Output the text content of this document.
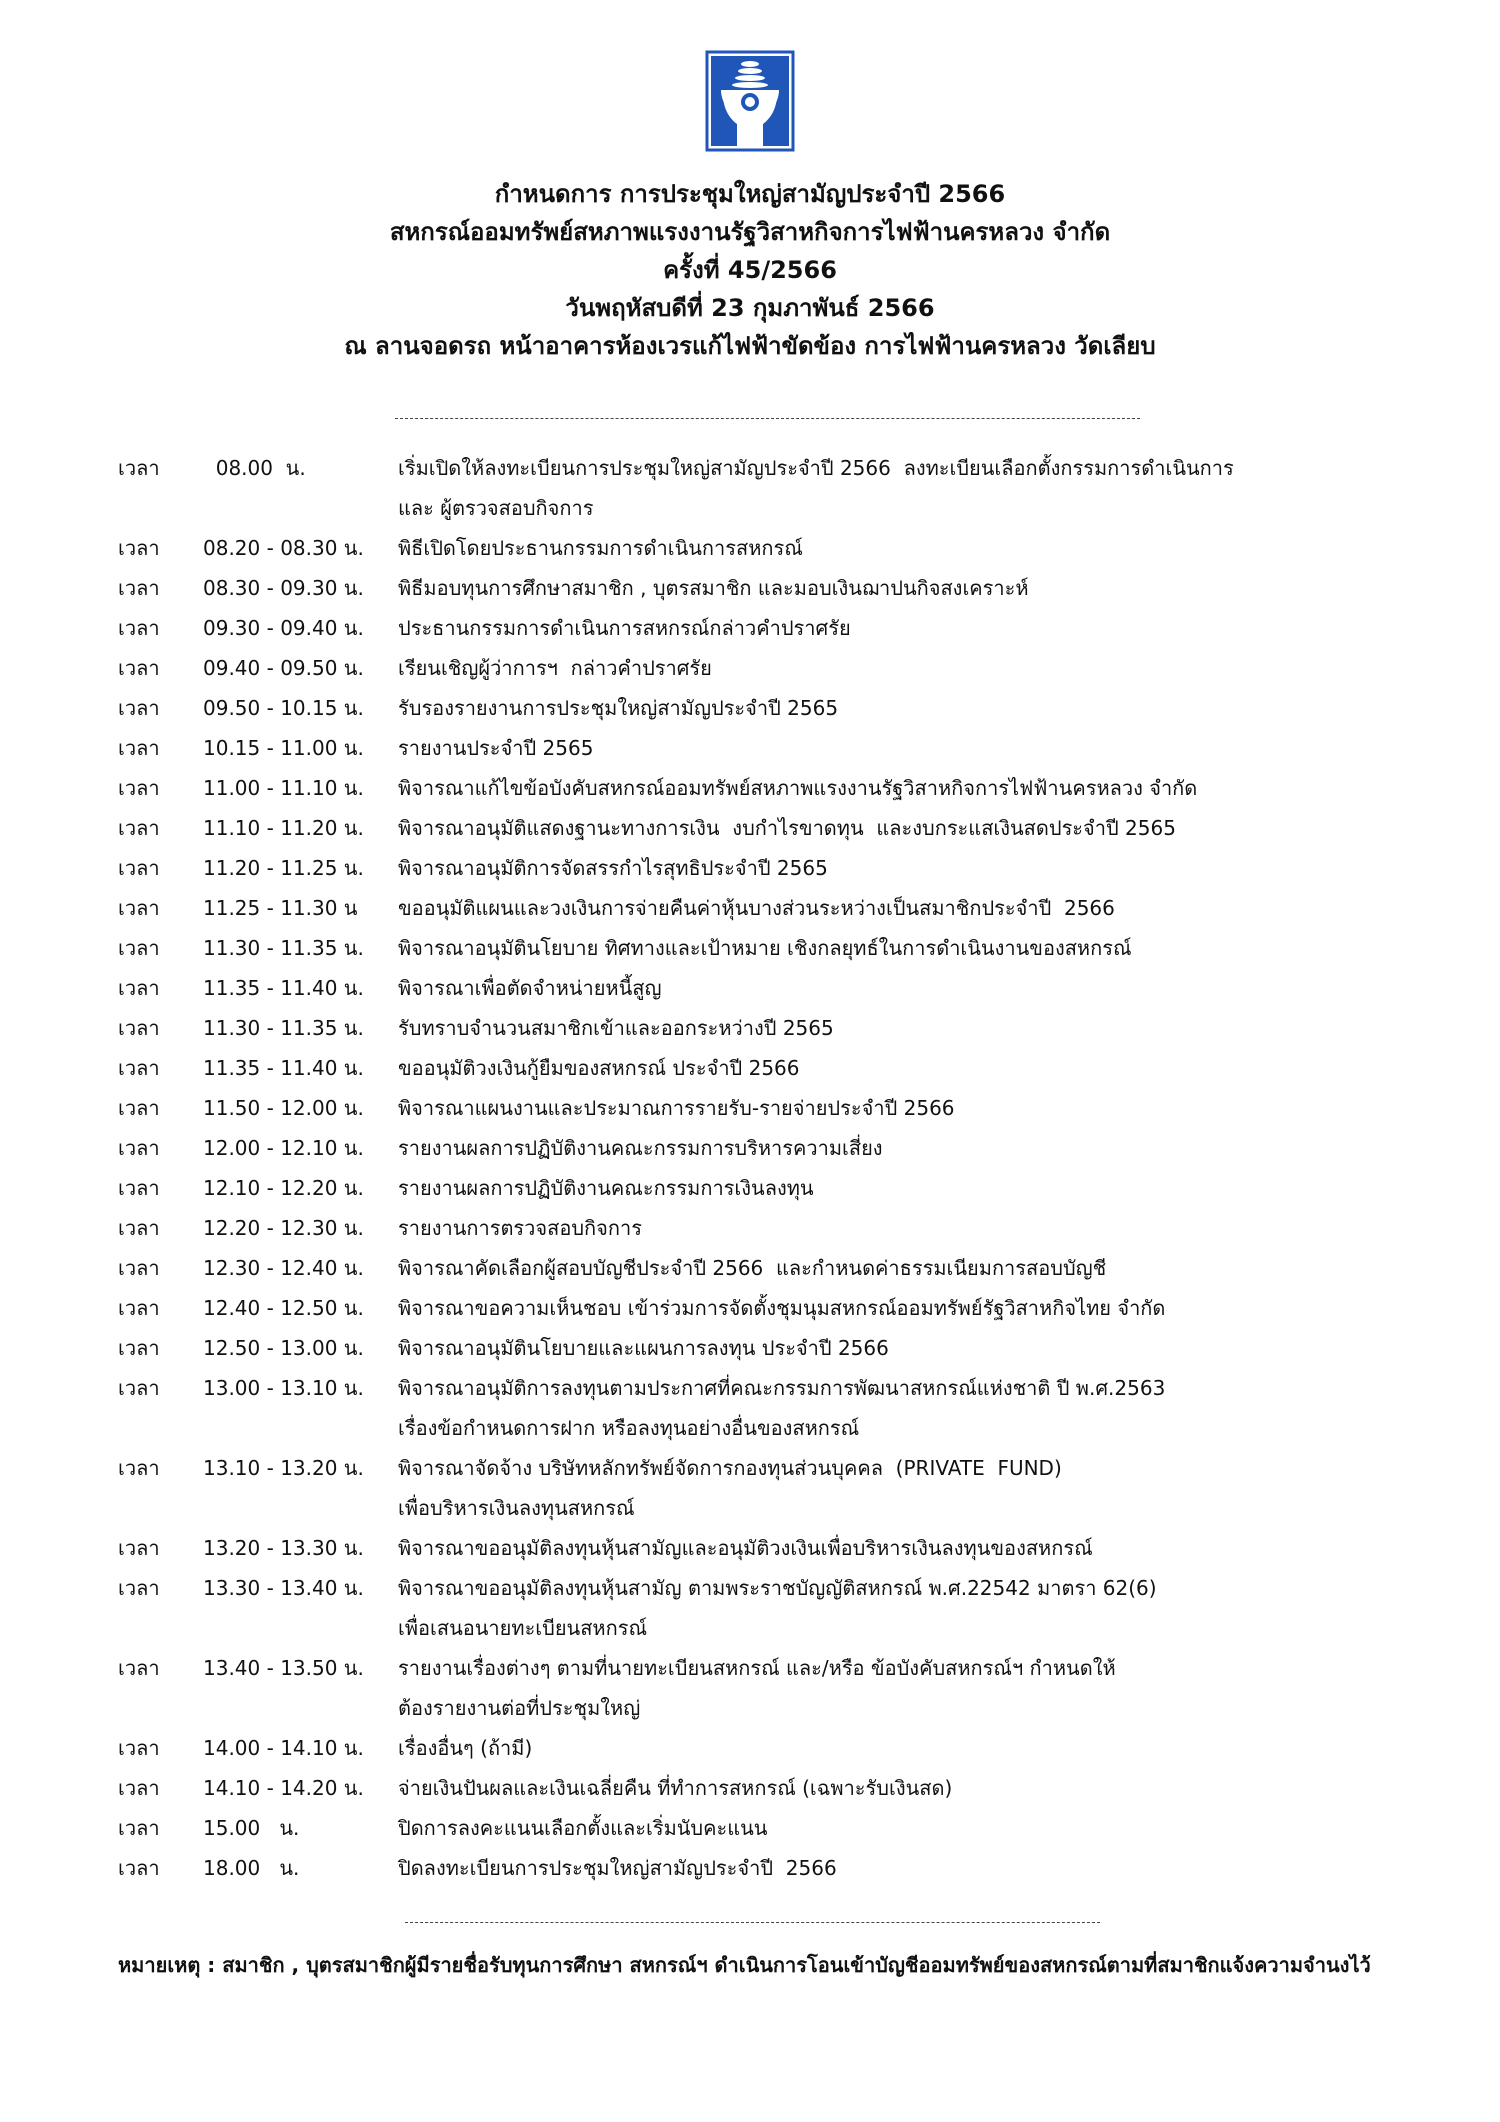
กำหนดการ การประชุมใหญ่สามัญประจำปี 2566
สหกรณ์ออมทรัพย์สหภาพแรงงานรัฐวิสาหกิจการไฟฟ้านครหลวง จำกัด
ครั้งที่ 45/2566
วันพฤหัสบดีที่ 23 กุมภาพันธ์ 2566
ณ ลานจอดรถ หน้าอาคารห้องเวรแก้ไฟฟ้าขัดข้อง การไฟฟ้านครหลวง วัดเลียบ
เวลา	08.00  น.	เริ่มเปิดให้ลงทะเบียนการประชุมใหญ่สามัญประจำปี 2566  ลงทะเบียนเลือกตั้งกรรมการดำเนินการ
และ ผู้ตรวจสอบกิจการ
เวลา	08.20 - 08.30 น.	พิธีเปิดโดยประธานกรรมการดำเนินการสหกรณ์
เวลา	08.30 - 09.30 น.	พิธีมอบทุนการศึกษาสมาชิก , บุตรสมาชิก และมอบเงินฌาปนกิจสงเคราะห์
เวลา	09.30 - 09.40 น.	ประธานกรรมการดำเนินการสหกรณ์กล่าวคำปราศรัย
เวลา	09.40 - 09.50 น.	เรียนเชิญผู้ว่าการฯ  กล่าวคำปราศรัย
เวลา	09.50 - 10.15 น.	รับรองรายงานการประชุมใหญ่สามัญประจำปี 2565
เวลา	10.15 - 11.00 น.	รายงานประจำปี 2565
เวลา	11.00 - 11.10 น.	พิจารณาแก้ไขข้อบังคับสหกรณ์ออมทรัพย์สหภาพแรงงานรัฐวิสาหกิจการไฟฟ้านครหลวง จำกัด
เวลา	11.10 - 11.20 น.	พิจารณาอนุมัติแสดงฐานะทางการเงิน  งบกำไรขาดทุน  และงบกระแสเงินสดประจำปี 2565
เวลา	11.20 - 11.25 น.	พิจารณาอนุมัติการจัดสรรกำไรสุทธิประจำปี 2565
เวลา	11.25 - 11.30 น	ขออนุมัติแผนและวงเงินการจ่ายคืนค่าหุ้นบางส่วนระหว่างเป็นสมาชิกประจำปี  2566
เวลา	11.30 - 11.35 น.	พิจารณาอนุมัตินโยบาย ทิศทางและเป้าหมาย เชิงกลยุทธ์ในการดำเนินงานของสหกรณ์
เวลา	11.35 - 11.40 น.	พิจารณาเพื่อตัดจำหน่ายหนี้สูญ
เวลา	11.30 - 11.35 น.	รับทราบจำนวนสมาชิกเข้าและออกระหว่างปี 2565
เวลา	11.35 - 11.40 น.	ขออนุมัติวงเงินกู้ยืมของสหกรณ์ ประจำปี 2566
เวลา	11.50 - 12.00 น.	พิจารณาแผนงานและประมาณการรายรับ-รายจ่ายประจำปี 2566
เวลา	12.00 - 12.10 น.	รายงานผลการปฏิบัติงานคณะกรรมการบริหารความเสี่ยง
เวลา	12.10 - 12.20 น.	รายงานผลการปฏิบัติงานคณะกรรมการเงินลงทุน
เวลา	12.20 - 12.30 น.	รายงานการตรวจสอบกิจการ
เวลา	12.30 - 12.40 น.	พิจารณาคัดเลือกผู้สอบบัญชีประจำปี 2566  และกำหนดค่าธรรมเนียมการสอบบัญชี
เวลา	12.40 - 12.50 น.	พิจารณาขอความเห็นชอบ เข้าร่วมการจัดตั้งชุมนุมสหกรณ์ออมทรัพย์รัฐวิสาหกิจไทย จำกัด
เวลา	12.50 - 13.00 น.	พิจารณาอนุมัตินโยบายและแผนการลงทุน ประจำปี 2566
เวลา	13.00 - 13.10 น.	พิจารณาอนุมัติการลงทุนตามประกาศที่คณะกรรมการพัฒนาสหกรณ์แห่งชาติ ปี พ.ศ.2563
เรื่องข้อกำหนดการฝาก หรือลงทุนอย่างอื่นของสหกรณ์
เวลา	13.10 - 13.20 น.	พิจารณาจัดจ้าง บริษัทหลักทรัพย์จัดการกองทุนส่วนบุคคล  (PRIVATE  FUND)
เพื่อบริหารเงินลงทุนสหกรณ์
เวลา	13.20 - 13.30 น.	พิจารณาขออนุมัติลงทุนหุ้นสามัญและอนุมัติวงเงินเพื่อบริหารเงินลงทุนของสหกรณ์
เวลา	13.30 - 13.40 น.	พิจารณาขออนุมัติลงทุนหุ้นสามัญ ตามพระราชบัญญัติสหกรณ์ พ.ศ.22542 มาตรา 62(6)
เพื่อเสนอนายทะเบียนสหกรณ์
เวลา	13.40 - 13.50 น.	รายงานเรื่องต่างๆ ตามที่นายทะเบียนสหกรณ์ และ/หรือ ข้อบังคับสหกรณ์ฯ กำหนดให้
ต้องรายงานต่อที่ประชุมใหญ่
เวลา	14.00 - 14.10 น.	เรื่องอื่นๆ (ถ้ามี)
เวลา	14.10 - 14.20 น.	จ่ายเงินปันผลและเงินเฉลี่ยคืน ที่ทำการสหกรณ์ (เฉพาะรับเงินสด)
เวลา	15.00   น.	ปิดการลงคะแนนเลือกตั้งและเริ่มนับคะแนน
เวลา	18.00   น.	ปิดลงทะเบียนการประชุมใหญ่สามัญประจำปี  2566
หมายเหตุ : สมาชิก , บุตรสมาชิกผู้มีรายชื่อรับทุนการศึกษา สหกรณ์ฯ ดำเนินการโอนเข้าบัญชีออมทรัพย์ของสหกรณ์ตามที่สมาชิกแจ้งความจำนงไว้
